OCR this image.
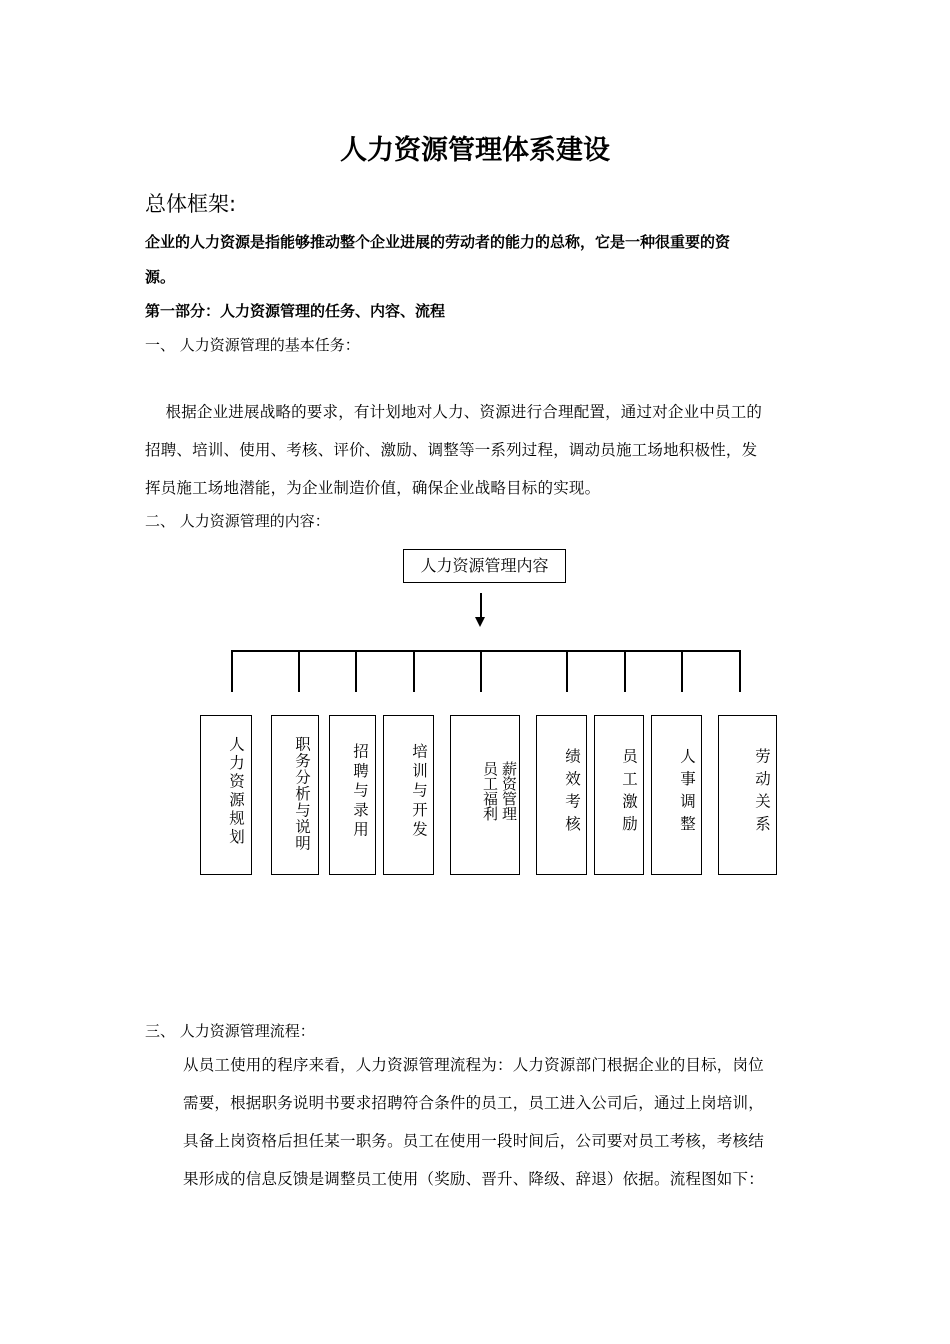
人力资源管理体系建设
总体框架:
企业的人力资源是指能够推动整个企业进展的劳动者的能力的总称，它是一种很重要的资
源。
第一部分：人力资源管理的任务、内容、流程
一、 人力资源管理的基本任务：
根据企业进展战略的要求，有计划地对人力、资源进行合理配置，通过对企业中员工的
招聘、培训、使用、考核、评价、激励、调整等一系列过程，调动员施工场地积极性，发
挥员施工场地潜能，为企业制造价值，确保企业战略目标的实现。
二、 人力资源管理的内容：
人力资源管理内容
人力资源规划	职务分析与说明	招聘与录用	培训与开发	薪资管理
员工福利	绩效考核	员工激励	人事调整	劳动关系
三、 人力资源管理流程：
从员工使用的程序来看，人力资源管理流程为：人力资源部门根据企业的目标，岗位
需要，根据职务说明书要求招聘符合条件的员工，员工进入公司后，通过上岗培训，
具备上岗资格后担任某一职务。员工在使用一段时间后，公司要对员工考核，考核结
果形成的信息反馈是调整员工使用（奖励、晋升、降级、辞退）依据。流程图如下：
